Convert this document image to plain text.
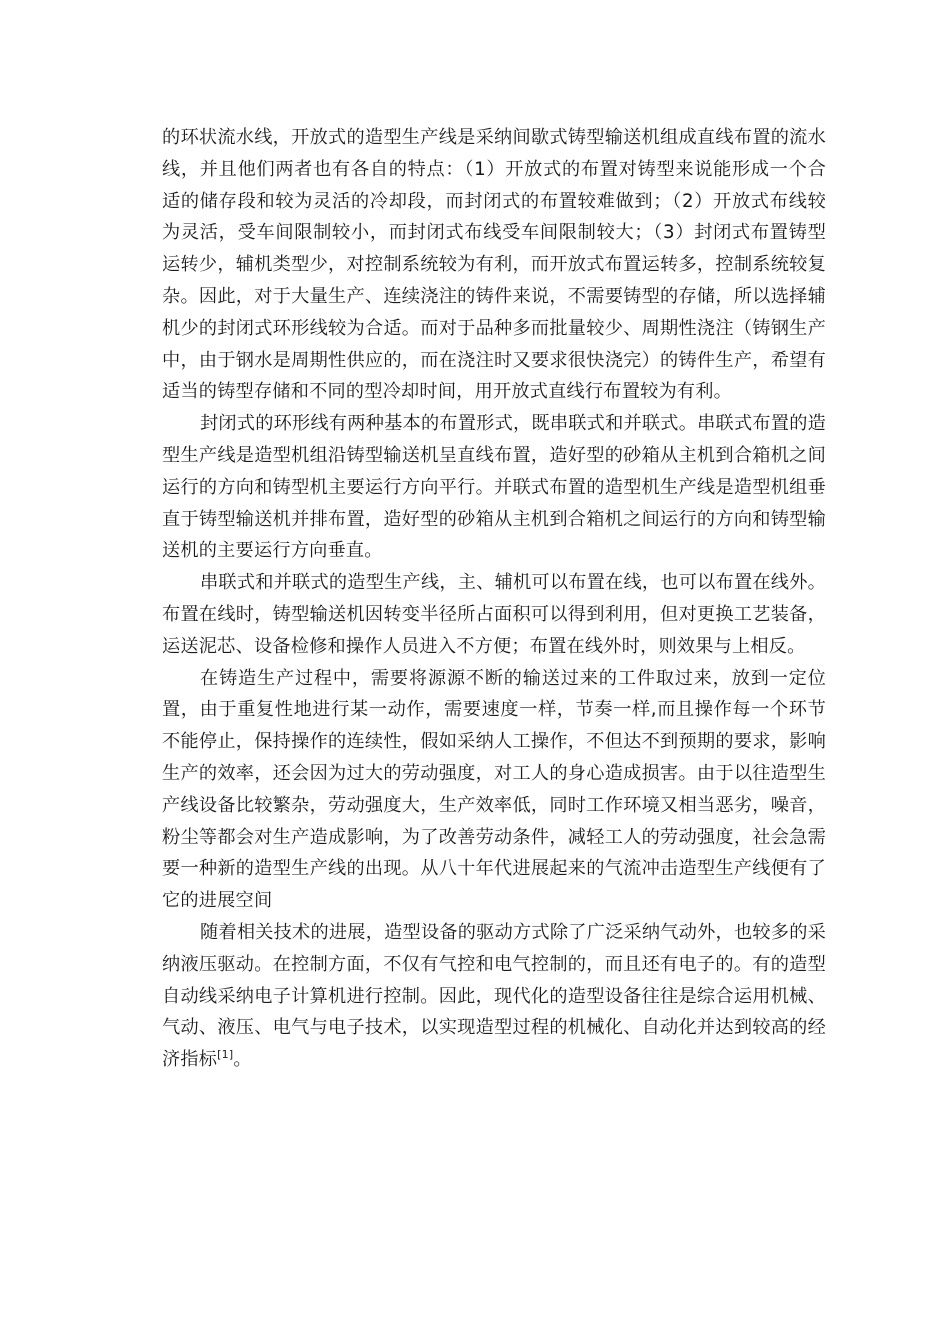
的环状流水线，开放式的造型生产线是采纳间歇式铸型输送机组成直线布置的流水线，并且他们两者也有各自的特点：（1）开放式的布置对铸型来说能形成一个合适的储存段和较为灵活的冷却段，而封闭式的布置较难做到；（2）开放式布线较为灵活，受车间限制较小，而封闭式布线受车间限制较大；（3）封闭式布置铸型运转少，辅机类型少，对控制系统较为有利，而开放式布置运转多，控制系统较复杂。因此，对于大量生产、连续浇注的铸件来说，不需要铸型的存储，所以选择辅机少的封闭式环形线较为合适。而对于品种多而批量较少、周期性浇注（铸钢生产中，由于钢水是周期性供应的，而在浇注时又要求很快浇完）的铸件生产，希望有适当的铸型存储和不同的型冷却时间，用开放式直线行布置较为有利。

封闭式的环形线有两种基本的布置形式，既串联式和并联式。串联式布置的造型生产线是造型机组沿铸型输送机呈直线布置，造好型的砂箱从主机到合箱机之间运行的方向和铸型机主要运行方向平行。并联式布置的造型机生产线是造型机组垂直于铸型输送机并排布置，造好型的砂箱从主机到合箱机之间运行的方向和铸型输送机的主要运行方向垂直。

串联式和并联式的造型生产线，主、辅机可以布置在线，也可以布置在线外。布置在线时，铸型输送机因转变半径所占面积可以得到利用，但对更换工艺装备，运送泥芯、设备检修和操作人员进入不方便；布置在线外时，则效果与上相反。

在铸造生产过程中，需要将源源不断的输送过来的工件取过来，放到一定位置，由于重复性地进行某一动作，需要速度一样，节奏一样,而且操作每一个环节不能停止，保持操作的连续性，假如采纳人工操作，不但达不到预期的要求，影响生产的效率，还会因为过大的劳动强度，对工人的身心造成损害。由于以往造型生产线设备比较繁杂，劳动强度大，生产效率低，同时工作环境又相当恶劣，噪音，粉尘等都会对生产造成影响，为了改善劳动条件，减轻工人的劳动强度，社会急需要一种新的造型生产线的出现。从八十年代进展起来的气流冲击造型生产线便有了它的进展空间

随着相关技术的进展，造型设备的驱动方式除了广泛采纳气动外，也较多的采纳液压驱动。在控制方面，不仅有气控和电气控制的，而且还有电子的。有的造型自动线采纳电子计算机进行控制。因此，现代化的造型设备往往是综合运用机械、气动、液压、电气与电子技术，以实现造型过程的机械化、自动化并达到较高的经济指标[1]。
